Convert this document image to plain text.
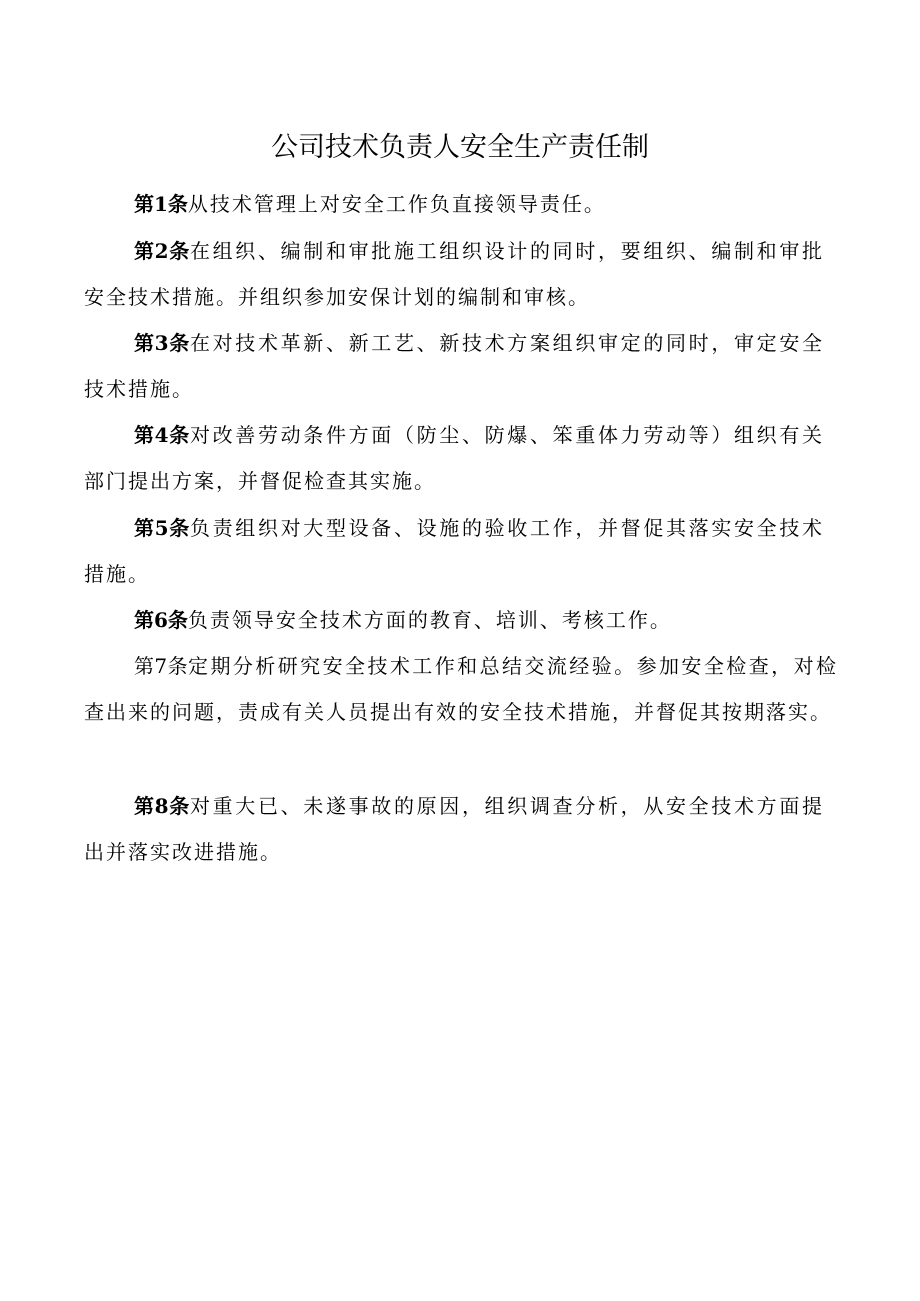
公司技术负责人安全生产责任制

第1条从技术管理上对安全工作负直接领导责任。

第2条在组织、编制和审批施工组织设计的同时，要组织、编制和审批安全技术措施。并组织参加安保计划的编制和审核。

第3条在对技术革新、新工艺、新技术方案组织审定的同时，审定安全技术措施。

第4条对改善劳动条件方面（防尘、防爆、笨重体力劳动等）组织有关部门提出方案，并督促检查其实施。

第5条负责组织对大型设备、设施的验收工作，并督促其落实安全技术措施。

第6条负责领导安全技术方面的教育、培训、考核工作。

第7条定期分析研究安全技术工作和总结交流经验。参加安全检查，对检查出来的问题，责成有关人员提出有效的安全技术措施，并督促其按期落实。

第8条对重大已、未遂事故的原因，组织调查分析，从安全技术方面提出并落实改进措施。
